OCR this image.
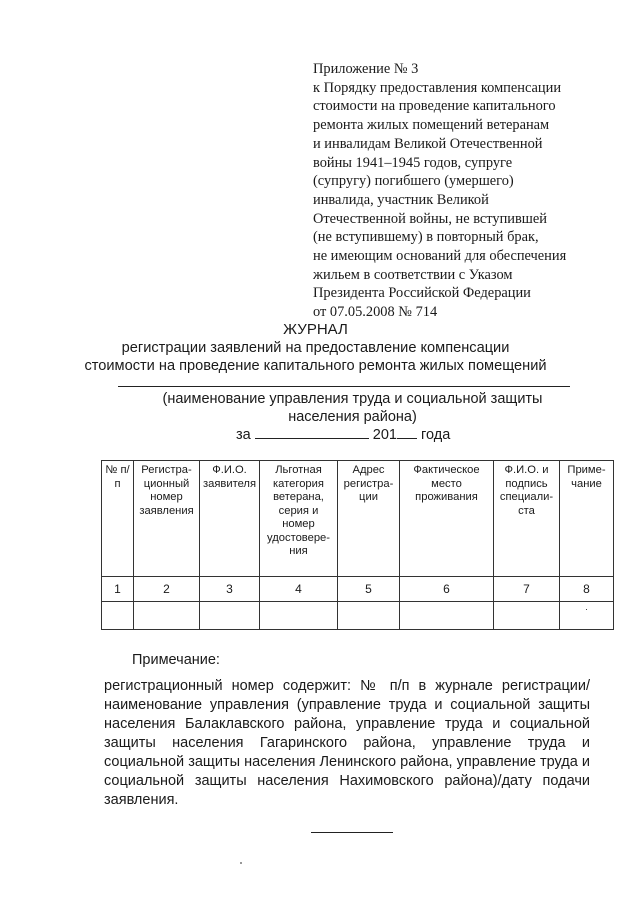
Приложение № 3
к Порядку предоставления компенсации
стоимости на проведение капитального
ремонта жилых помещений ветеранам
и инвалидам Великой Отечественной
войны 1941–1945 годов, супруге
(супругу) погибшего (умершего)
инвалида, участник Великой
Отечественной войны, не вступившей
(не вступившему) в повторный брак,
не имеющим оснований для обеспечения
жильем в соответствии с Указом
Президента Российской Федерации
от 07.05.2008 № 714
ЖУРНАЛ
регистрации заявлений на предоставление компенсации
стоимости на проведение капитального ремонта жилых помещений
(наименование управления труда и социальной защиты
населения района)
за	201 года
№ п/п	Регистра-ционный номер заявления	Ф.И.О. заявителя	Льготная категория ветерана, серия и номер удостовере-ния	Адрес регистра-ции	Фактическое место проживания	Ф.И.О. и подпись специали-ста	Приме-чание
1	2	3	4	5	6	7	8
							.
Примечание:
регистрационный номер содержит: № п/п в журнале регистрации/наименование управления (управление труда и социальной защиты населения Балаклавского района, управление труда и социальной защиты населения Гагаринского района, управление труда и социальной защиты населения Ленинского района, управление труда и социальной защиты населения Нахимовского района)/дату подачи заявления.
